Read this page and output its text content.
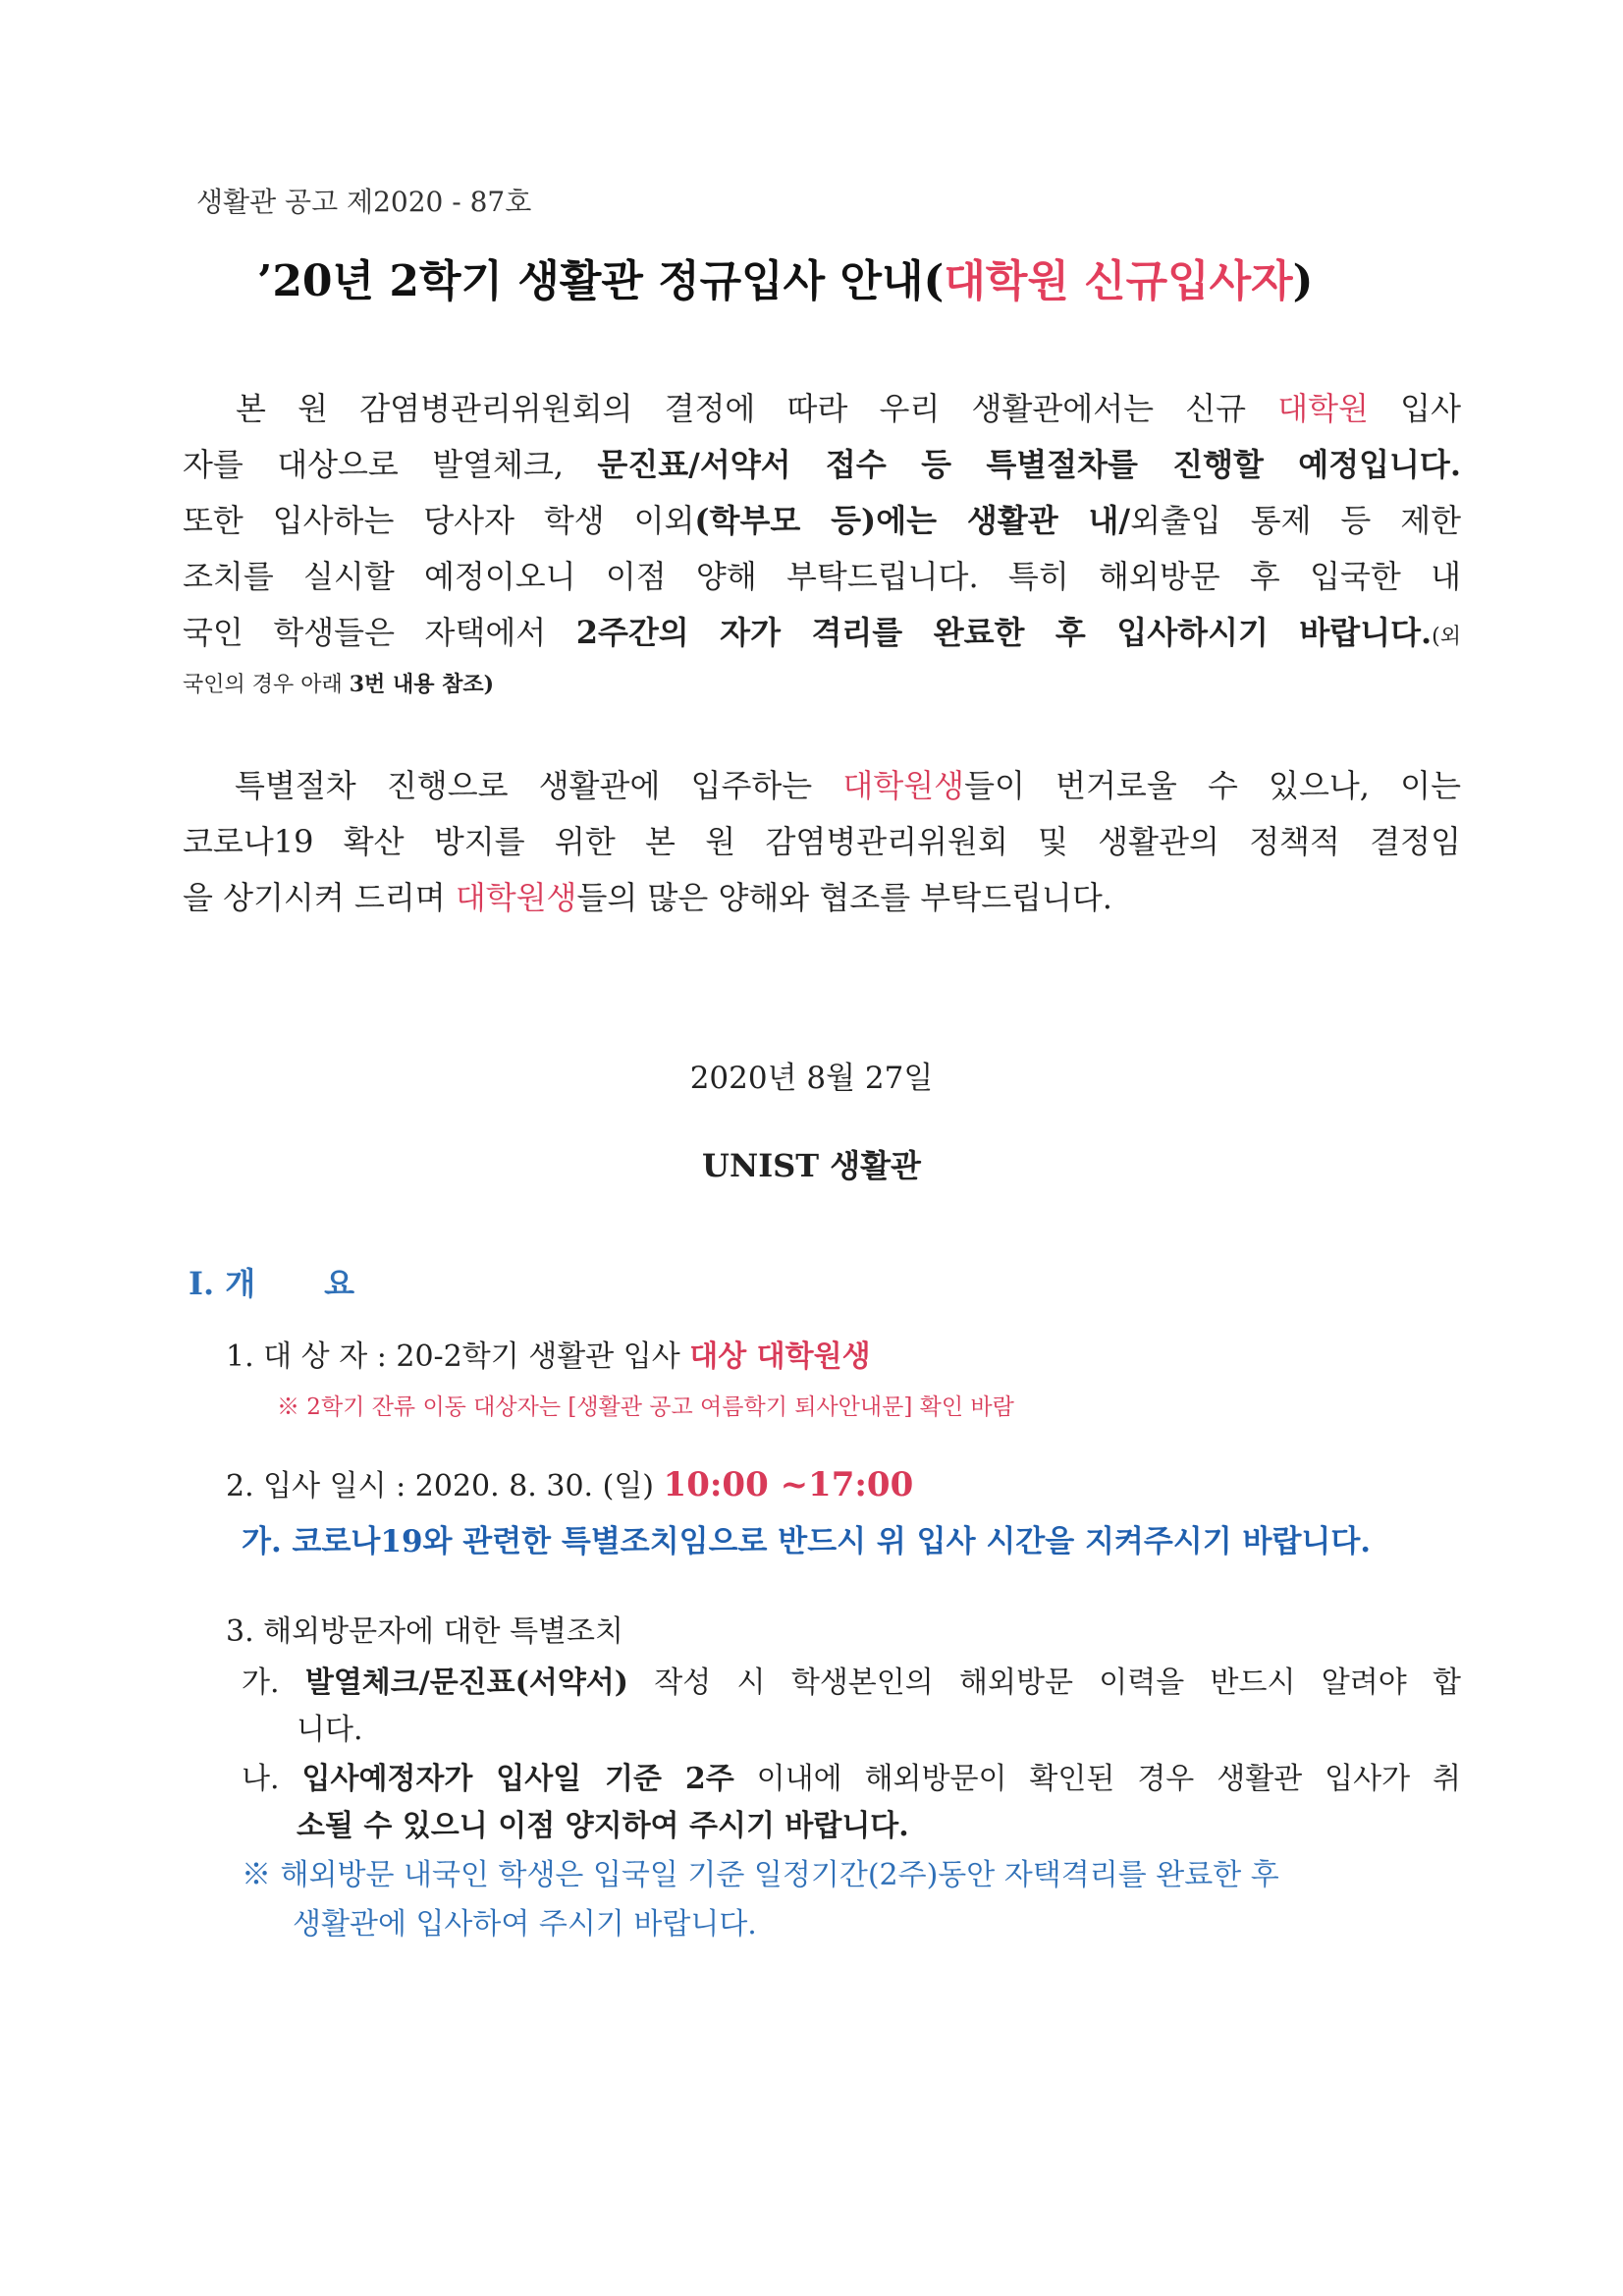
생활관 공고 제2020 - 87호
’20년 2학기 생활관 정규입사 안내(대학원 신규입사자)
　본 원 감염병관리위원회의 결정에 따라 우리 생활관에서는 신규 대학원 입사
자를 대상으로 발열체크, 문진표/서약서 접수 등 특별절차를 진행할 예정입니다.
또한 입사하는 당사자 학생 이외(학부모 등)에는 생활관 내/외출입 통제 등 제한
조치를 실시할 예정이오니 이점 양해 부탁드립니다. 특히 해외방문 후 입국한 내
국인 학생들은 자택에서 2주간의 자가 격리를 완료한 후 입사하시기 바랍니다.(외
국인의 경우 아래 3번 내용 참조)
　특별절차 진행으로 생활관에 입주하는 대학원생들이 번거로울 수 있으나, 이는
코로나19 확산 방지를 위한 본 원 감염병관리위원회 및 생활관의 정책적 결정임
을 상기시켜 드리며 대학원생들의 많은 양해와 협조를 부탁드립니다.
2020년 8월 27일
UNIST 생활관
Ⅰ. 개 요
1. 대 상 자 : 20-2학기 생활관 입사 대상 대학원생
※ 2학기 잔류 이동 대상자는 [생활관 공고 여름학기 퇴사안내문] 확인 바람
2. 입사 일시 : 2020. 8. 30. (일) 10:00 ~17:00
가. 코로나19와 관련한 특별조치임으로 반드시 위 입사 시간을 지켜주시기 바랍니다.
3. 해외방문자에 대한 특별조치
가. 발열체크/문진표(서약서) 작성 시 학생본인의 해외방문 이력을 반드시 알려야 합
니다.
나. 입사예정자가 입사일 기준 2주 이내에 해외방문이 확인된 경우 생활관 입사가 취
소될 수 있으니 이점 양지하여 주시기 바랍니다.
※ 해외방문 내국인 학생은 입국일 기준 일정기간(2주)동안 자택격리를 완료한 후
생활관에 입사하여 주시기 바랍니다.
